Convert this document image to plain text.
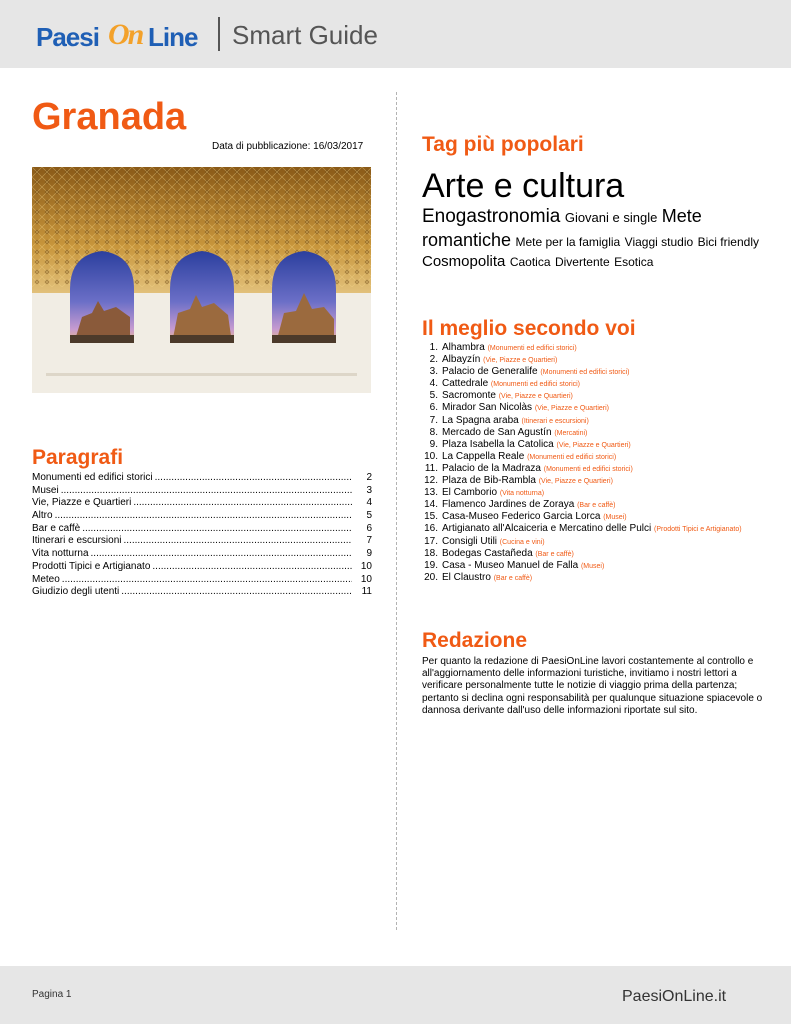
Paesi On Line Smart Guide
Granada
Data di pubblicazione: 16/03/2017
Paragrafi
Monumenti ed edifici storici .....	2
Musei .....	3
Vie, Piazze e Quartieri .....	4
Altro .....	5
Bar e caffè .....	6
Itinerari e escursioni .....	7
Vita notturna .....	9
Prodotti Tipici e Artigianato .....	10
Meteo .....	10
Giudizio degli utenti .....	11
Tag più popolari
Arte e cultura
Enogastronomia Giovani e single Mete romantiche Mete per la famiglia Viaggi studio Bici friendly Cosmopolita Caotica Divertente Esotica
Il meglio secondo voi
1. Alhambra (Monumenti ed edifici storici)
2. Albayzín (Vie, Piazze e Quartieri)
3. Palacio de Generalife (Monumenti ed edifici storici)
4. Cattedrale (Monumenti ed edifici storici)
5. Sacromonte (Vie, Piazze e Quartieri)
6. Mirador San Nicolàs (Vie, Piazze e Quartieri)
7. La Spagna araba (Itinerari e escursioni)
8. Mercado de San Agustín (Mercatini)
9. Plaza Isabella la Catolica (Vie, Piazze e Quartieri)
10. La Cappella Reale (Monumenti ed edifici storici)
11. Palacio de la Madraza (Monumenti ed edifici storici)
12. Plaza de Bib-Rambla (Vie, Piazze e Quartieri)
13. El Camborio (Vita notturna)
14. Flamenco Jardines de Zoraya (Bar e caffè)
15. Casa-Museo Federico Garcia Lorca (Musei)
16. Artigianato all'Alcaiceria e Mercatino delle Pulci (Prodotti Tipici e Artigianato)
17. Consigli Utili (Cucina e vini)
18. Bodegas Castañeda (Bar e caffè)
19. Casa - Museo Manuel de Falla (Musei)
20. El Claustro (Bar e caffè)
Redazione

Per quanto la redazione di PaesiOnLine lavori costantemente al controllo e all'aggiornamento delle informazioni turistiche, invitiamo i nostri lettori a verificare personalmente tutte le notizie di viaggio prima della partenza; pertanto si declina ogni responsabilità per qualunque situazione spiacevole o dannosa derivante dall'uso delle informazioni riportate sul sito.

Pagina 1	PaesiOnLine.it
